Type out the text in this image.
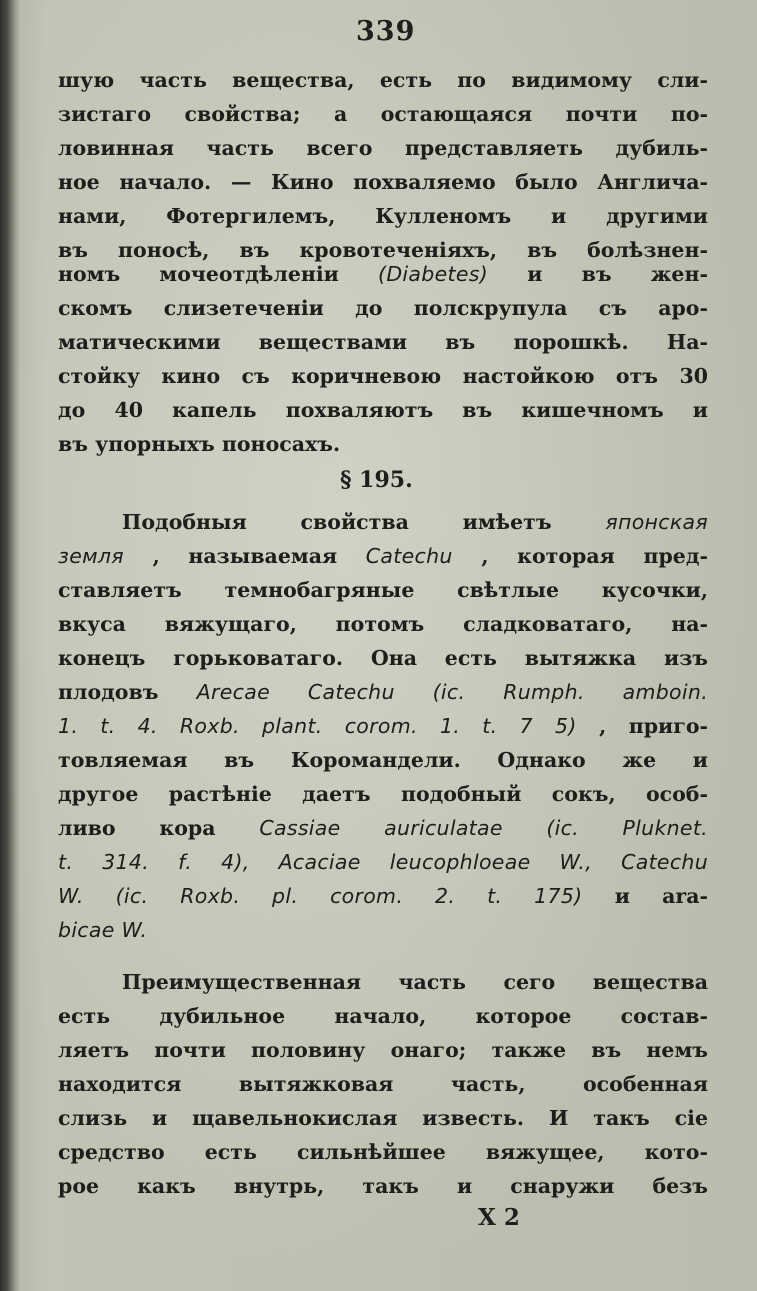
339
шую часть вещества, есть по видимому сли-
зистаго свойства; а остающаяся почти по-
ловинная часть всего представляеть дубиль-
ное начало. — Кино похваляемо было Англича-
нами, Фотергилемъ, Кулленомъ и другими
въ поносѣ, въ кровотеченіяхъ, въ болѣзнен-
номъ мочеотдѣленіи (Diabetes) и въ жен-
скомъ слизетеченіи до полскрупула съ аро-
матическими веществами въ порошкѣ. На-
стойку кино съ коричневою настойкою отъ 30
до 40 капель похваляютъ въ кишечномъ и
въ упорныхъ поносахъ.
§ 195.
Подобныя свойства имѣетъ	японская
земля , называемая Catechu , которая пред-
ставляетъ темнобагряные свѣтлые кусочки,
вкуса вяжущаго, потомъ сладковатаго, на-
конецъ горьковатаго. Она есть вытяжка изъ
плодовъ Arecae Catechu (ic. Rumph. amboin.
1. t. 4. Roxb. plant. corom. 1. t. 7 5) , приго-
товляемая въ Коромандели. Однако же и
другое растѣніе даетъ подобный сокъ, особ-
ливо кора Cassiae auriculatae (ic. Pluknet.
t. 314. f. 4), Acaciae leucophloeae W., Catechu
W. (ic. Roxb. pl. corom. 2. t. 175) и ara-
bicae W.
Преимущественная часть сего вещества
есть дубильное начало, которое состав-
ляетъ почти половину онаго; также въ немъ
находится вытяжковая часть, особенная
слизь и щавельнокислая известь. И такъ сіе
средство есть сильнѣйшее вяжущее, кото-
рое какъ внутрь, такъ и снаружи безъ
X 2
